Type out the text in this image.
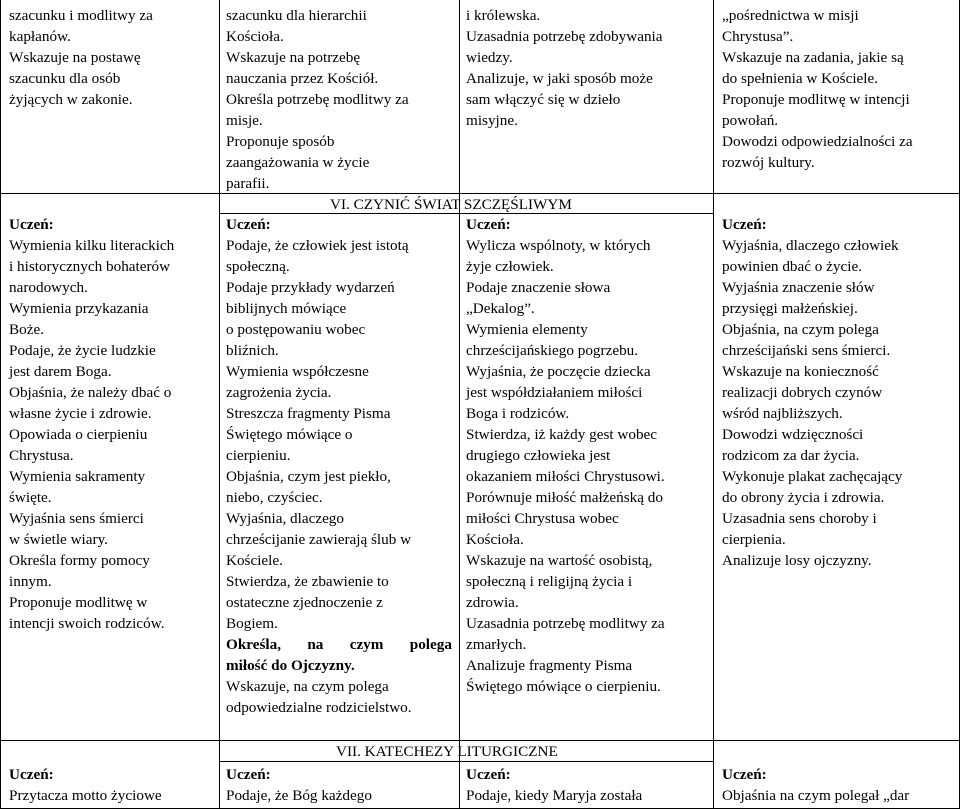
szacunku i modlitwy za
kapłanów.
Wskazuje na postawę
szacunku dla osób
żyjących w zakonie.
szacunku dla hierarchii
Kościoła.
Wskazuje na potrzebę
nauczania przez Kościół.
Określa potrzebę modlitwy za
misje.
Proponuje sposób
zaangażowania w życie
parafii.
i królewska.
Uzasadnia potrzebę zdobywania
wiedzy.
Analizuje, w jaki sposób może
sam włączyć się w dzieło
misyjne.
„pośrednictwa w misji
Chrystusa”.
Wskazuje na zadania, jakie są
do spełnienia w Kościele.
Proponuje modlitwę w intencji
powołań.
Dowodzi odpowiedzialności za
rozwój kultury.
VI. CZYNIĆ ŚWIAT SZCZĘŚLIWYM
Uczeń:
Wymienia kilku literackich
i historycznych bohaterów
narodowych.
Wymienia przykazania
Boże.
Podaje, że życie ludzkie
jest darem Boga.
Objaśnia, że należy dbać o
własne życie i zdrowie.
Opowiada o cierpieniu
Chrystusa.
Wymienia sakramenty
święte.
Wyjaśnia sens śmierci
w świetle wiary.
Określa formy pomocy
innym.
Proponuje modlitwę w
intencji swoich rodziców.
Uczeń:
Podaje, że człowiek jest istotą
społeczną.
Podaje przykłady wydarzeń
biblijnych mówiące
o postępowaniu wobec
bliźnich.
Wymienia współczesne
zagrożenia życia.
Streszcza fragmenty Pisma
Świętego mówiące o
cierpieniu.
Objaśnia, czym jest piekło,
niebo, czyściec.
Wyjaśnia, dlaczego
chrześcijanie zawierają ślub w
Kościele.
Stwierdza, że zbawienie to
ostateczne zjednoczenie z
Bogiem.
Określa, na czym polega
miłość do Ojczyzny.
Wskazuje, na czym polega
odpowiedzialne rodzicielstwo.
Uczeń:
Wylicza wspólnoty, w których
żyje człowiek.
Podaje znaczenie słowa
„Dekalog”.
Wymienia elementy
chrześcijańskiego pogrzebu.
Wyjaśnia, że poczęcie dziecka
jest współdziałaniem miłości
Boga i rodziców.
Stwierdza, iż każdy gest wobec
drugiego człowieka jest
okazaniem miłości Chrystusowi.
Porównuje miłość małżeńską do
miłości Chrystusa wobec
Kościoła.
Wskazuje na wartość osobistą,
społeczną i religijną życia i
zdrowia.
Uzasadnia potrzebę modlitwy za
zmarłych.
Analizuje fragmenty Pisma
Świętego mówiące o cierpieniu.
Uczeń:
Wyjaśnia, dlaczego człowiek
powinien dbać o życie.
Wyjaśnia znaczenie słów
przysięgi małżeńskiej.
Objaśnia, na czym polega
chrześcijański sens śmierci.
Wskazuje na konieczność
realizacji dobrych czynów
wśród najbliższych.
Dowodzi wdzięczności
rodzicom za dar życia.
Wykonuje plakat zachęcający
do obrony życia i zdrowia.
Uzasadnia sens choroby i
cierpienia.
Analizuje losy ojczyzny.
VII. KATECHEZY LITURGICZNE
Uczeń:
Przytacza motto życiowe
Uczeń:
Podaje, że Bóg każdego
Uczeń:
Podaje, kiedy Maryja została
Uczeń:
Objaśnia na czym polegał „dar
